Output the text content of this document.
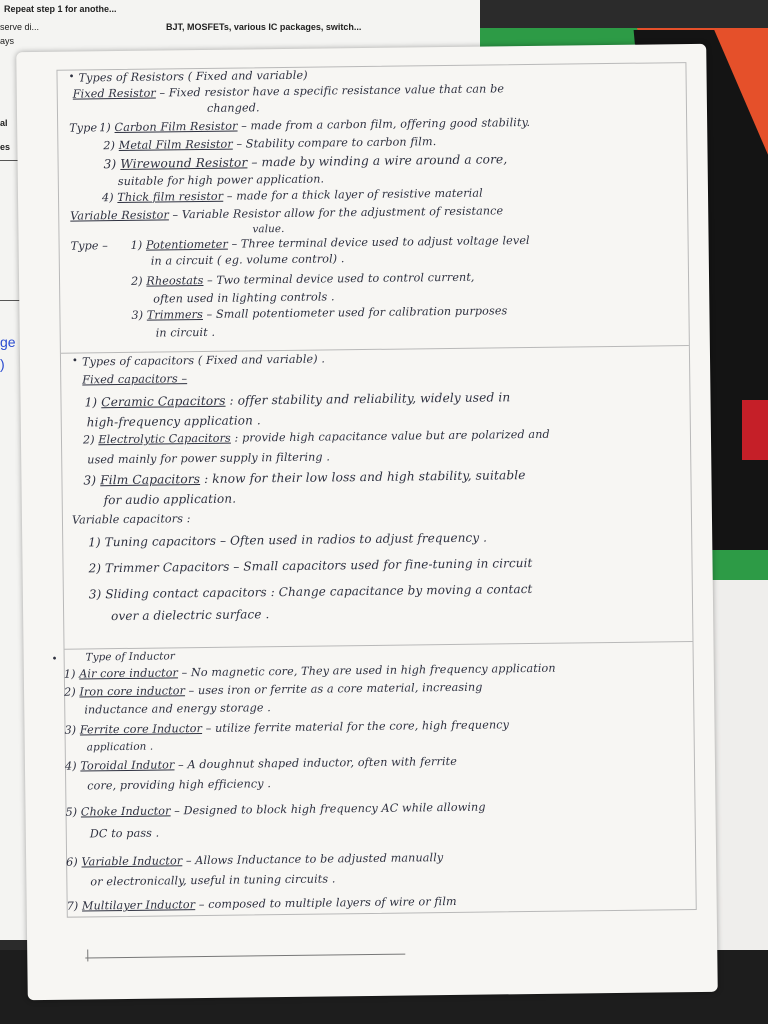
Repeat step 1 for anothe...
serve di...
ays
BJT, MOSFETs, various IC packages, switch...
al
es
ge
)
• Types of Resistors ( Fixed and variable)
Fixed Resistor – Fixed resistor have a specific resistance value that can be
changed.
Type 1) Carbon Film Resistor – made from a carbon film, offering good stability.
2) Metal Film Resistor – Stability compare to carbon film.
3) Wirewound Resistor – made by winding a wire around a core,
suitable for high power application.
4) Thick film resistor – made for a thick layer of resistive material
Variable Resistor – Variable Resistor allow for the adjustment of resistance
value.
Type – 1) Potentiometer – Three terminal device used to adjust voltage level
in a circuit ( eg. volume control) .
2) Rheostats – Two terminal device used to control current,
often used in lighting controls .
3) Trimmers – Small potentiometer used for calibration purposes
in circuit .
• Types of capacitors ( Fixed and variable) .
Fixed capacitors –
1) Ceramic Capacitors : offer stability and reliability, widely used in
high-frequency application .
2) Electrolytic Capacitors : provide high capacitance value but are polarized and
used mainly for power supply in filtering .
3) Film Capacitors : know for their low loss and high stability, suitable
for audio application.
Variable capacitors :
1) Tuning capacitors – Often used in radios to adjust frequency .
2) Trimmer Capacitors – Small capacitors used for fine-tuning in circuit
3) Sliding contact capacitors : Change capacitance by moving a contact
over a dielectric surface .
•	Type of Inductor
1) Air core inductor – No magnetic core, They are used in high frequency application
2) Iron core inductor – uses iron or ferrite as a core material, increasing
inductance and energy storage .
3) Ferrite core Inductor – utilize ferrite material for the core, high frequency
application .
4) Toroidal Indutor – A doughnut shaped inductor, often with ferrite
core, providing high efficiency .
5) Choke Inductor – Designed to block high frequency AC while allowing
DC to pass .
6) Variable Inductor – Allows Inductance to be adjusted manually
or electronically, useful in tuning circuits .
7) Multilayer Inductor – composed to multiple layers of wire or film
